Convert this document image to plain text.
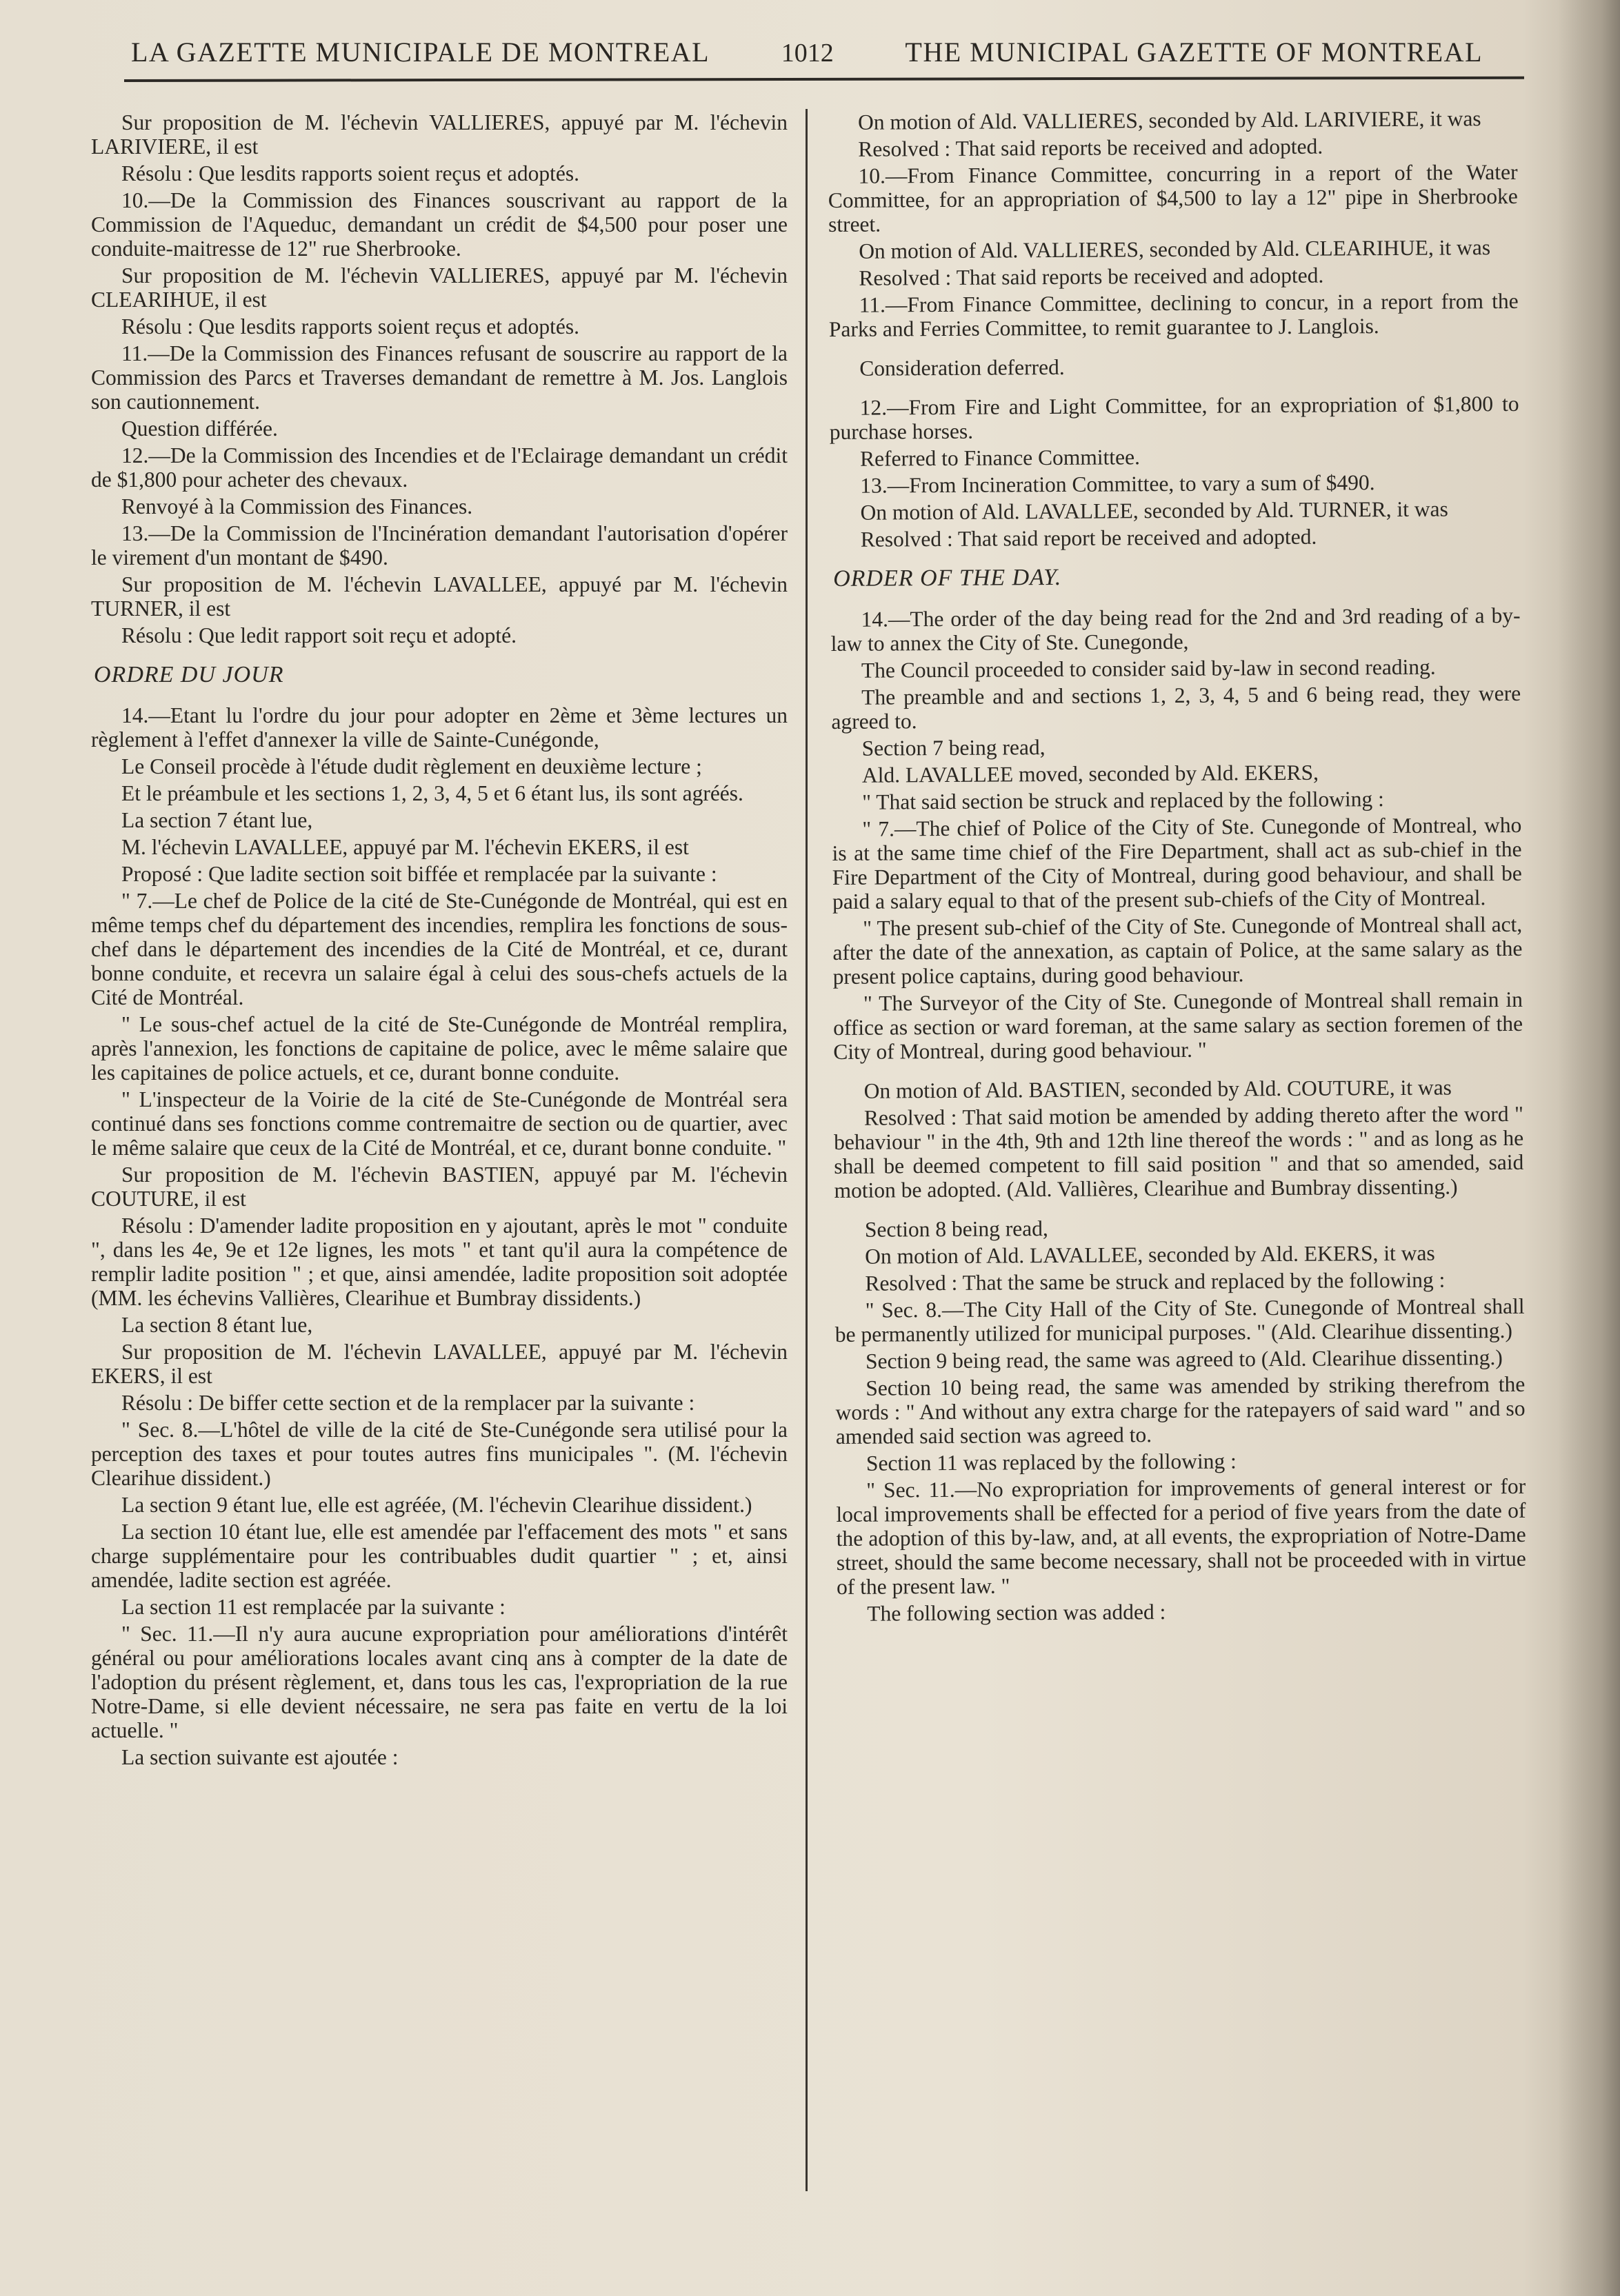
LA GAZETTE MUNICIPALE DE MONTREAL	1012	THE MUNICIPAL GAZETTE OF MONTREAL

Sur proposition de M. l'échevin VALLIERES, appuyé par M. l'échevin LARIVIERE, il est

Résolu : Que lesdits rapports soient reçus et adoptés.

10.—De la Commission des Finances souscrivant au rapport de la Commission de l'Aqueduc, demandant un crédit de $4,500 pour poser une conduite-maitresse de 12" rue Sherbrooke.

Sur proposition de M. l'échevin VALLIERES, appuyé par M. l'échevin CLEARIHUE, il est

Résolu : Que lesdits rapports soient reçus et adoptés.

11.—De la Commission des Finances refusant de souscrire au rapport de la Commission des Parcs et Traverses demandant de remettre à M. Jos. Langlois son cautionnement.

Question différée.

12.—De la Commission des Incendies et de l'Eclairage demandant un crédit de $1,800 pour acheter des chevaux.

Renvoyé à la Commission des Finances.

13.—De la Commission de l'Incinération demandant l'autorisation d'opérer le virement d'un montant de $490.

Sur proposition de M. l'échevin LAVALLEE, appuyé par M. l'échevin TURNER, il est

Résolu : Que ledit rapport soit reçu et adopté.

ORDRE DU JOUR

14.—Etant lu l'ordre du jour pour adopter en 2ème et 3ème lectures un règlement à l'effet d'annexer la ville de Sainte-Cunégonde,

Le Conseil procède à l'étude dudit règlement en deuxième lecture ;

Et le préambule et les sections 1, 2, 3, 4, 5 et 6 étant lus, ils sont agréés.

La section 7 étant lue,

M. l'échevin LAVALLEE, appuyé par M. l'échevin EKERS, il est

Proposé : Que ladite section soit biffée et remplacée par la suivante :

" 7.—Le chef de Police de la cité de Ste-Cunégonde de Montréal, qui est en même temps chef du département des incendies, remplira les fonctions de sous-chef dans le département des incendies de la Cité de Montréal, et ce, durant bonne conduite, et recevra un salaire égal à celui des sous-chefs actuels de la Cité de Montréal.

" Le sous-chef actuel de la cité de Ste-Cunégonde de Montréal remplira, après l'annexion, les fonctions de capitaine de police, avec le même salaire que les capitaines de police actuels, et ce, durant bonne conduite.

" L'inspecteur de la Voirie de la cité de Ste-Cunégonde de Montréal sera continué dans ses fonctions comme contremaitre de section ou de quartier, avec le même salaire que ceux de la Cité de Montréal, et ce, durant bonne conduite. "

Sur proposition de M. l'échevin BASTIEN, appuyé par M. l'échevin COUTURE, il est

Résolu : D'amender ladite proposition en y ajoutant, après le mot " conduite ", dans les 4e, 9e et 12e lignes, les mots " et tant qu'il aura la compétence de remplir ladite position " ; et que, ainsi amendée, ladite proposition soit adoptée (MM. les échevins Vallières, Clearihue et Bumbray dissidents.)

La section 8 étant lue,

Sur proposition de M. l'échevin LAVALLEE, appuyé par M. l'échevin EKERS, il est

Résolu : De biffer cette section et de la remplacer par la suivante :

" Sec. 8.—L'hôtel de ville de la cité de Ste-Cunégonde sera utilisé pour la perception des taxes et pour toutes autres fins municipales ". (M. l'échevin Clearihue dissident.)

La section 9 étant lue, elle est agréée, (M. l'échevin Clearihue dissident.)

La section 10 étant lue, elle est amendée par l'effacement des mots " et sans charge supplémentaire pour les contribuables dudit quartier " ; et, ainsi amendée, ladite section est agréée.

La section 11 est remplacée par la suivante :

" Sec. 11.—Il n'y aura aucune expropriation pour améliorations d'intérêt général ou pour améliorations locales avant cinq ans à compter de la date de l'adoption du présent règlement, et, dans tous les cas, l'expropriation de la rue Notre-Dame, si elle devient nécessaire, ne sera pas faite en vertu de la loi actuelle. "

La section suivante est ajoutée :

On motion of Ald. VALLIERES, seconded by Ald. LARIVIERE, it was

Resolved : That said reports be received and adopted.

10.—From Finance Committee, concurring in a report of the Water Committee, for an appropriation of $4,500 to lay a 12" pipe in Sherbrooke street.

On motion of Ald. VALLIERES, seconded by Ald. CLEARIHUE, it was

Resolved : That said reports be received and adopted.

11.—From Finance Committee, declining to concur, in a report from the Parks and Ferries Committee, to remit guarantee to J. Langlois.

Consideration deferred.

12.—From Fire and Light Committee, for an expropriation of $1,800 to purchase horses.

Referred to Finance Committee.

13.—From Incineration Committee, to vary a sum of $490.

On motion of Ald. LAVALLEE, seconded by Ald. TURNER, it was

Resolved : That said report be received and adopted.

ORDER OF THE DAY.

14.—The order of the day being read for the 2nd and 3rd reading of a by-law to annex the City of Ste. Cunegonde,

The Council proceeded to consider said by-law in second reading.

The preamble and and sections 1, 2, 3, 4, 5 and 6 being read, they were agreed to.

Section 7 being read,

Ald. LAVALLEE moved, seconded by Ald. EKERS,

" That said section be struck and replaced by the following :

" 7.—The chief of Police of the City of Ste. Cunegonde of Montreal, who is at the same time chief of the Fire Department, shall act as sub-chief in the Fire Department of the City of Montreal, during good behaviour, and shall be paid a salary equal to that of the present sub-chiefs of the City of Montreal.

" The present sub-chief of the City of Ste. Cunegonde of Montreal shall act, after the date of the annexation, as captain of Police, at the same salary as the present police captains, during good behaviour.

" The Surveyor of the City of Ste. Cunegonde of Montreal shall remain in office as section or ward foreman, at the same salary as section foremen of the City of Montreal, during good behaviour. "

On motion of Ald. BASTIEN, seconded by Ald. COUTURE, it was

Resolved : That said motion be amended by adding thereto after the word " behaviour " in the 4th, 9th and 12th line thereof the words : " and as long as he shall be deemed competent to fill said position " and that so amended, said motion be adopted. (Ald. Vallières, Clearihue and Bumbray dissenting.)

Section 8 being read,

On motion of Ald. LAVALLEE, seconded by Ald. EKERS, it was

Resolved : That the same be struck and replaced by the following :

" Sec. 8.—The City Hall of the City of Ste. Cunegonde of Montreal shall be permanently utilized for municipal purposes. " (Ald. Clearihue dissenting.)

Section 9 being read, the same was agreed to (Ald. Clearihue dissenting.)

Section 10 being read, the same was amended by striking therefrom the words : " And without any extra charge for the ratepayers of said ward " and so amended said section was agreed to.

Section 11 was replaced by the following :

" Sec. 11.—No expropriation for improvements of general interest or for local improvements shall be effected for a period of five years from the date of the adoption of this by-law, and, at all events, the expropriation of Notre-Dame street, should the same become necessary, shall not be proceeded with in virtue of the present law. "

The following section was added :
